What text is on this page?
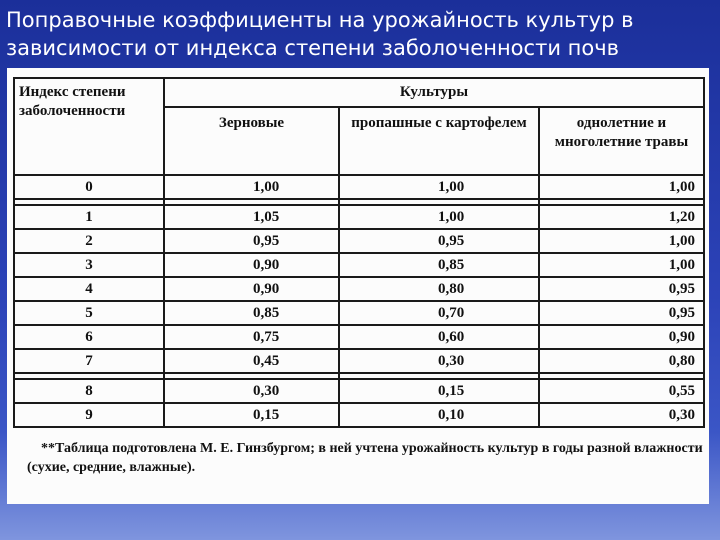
Поправочные коэффициенты на урожайность культур в зависимости от индекса степени заболоченности почв
Индекс степени заболоченности	Культуры		
	Зерновые	пропашные с картофелем	однолетние и многолетние травы
0	1,00	1,00	1,00

1	1,05	1,00	1,20
2	0,95	0,95	1,00
3	0,90	0,85	1,00
4	0,90	0,80	0,95
5	0,85	0,70	0,95
6	0,75	0,60	0,90
7	0,45	0,30	0,80

8	0,30	0,15	0,55
9	0,15	0,10	0,30
**Таблица подготовлена М. Е. Гинзбургом; в ней учтена урожайность культур в годы разной влажности (сухие, средние, влажные).
